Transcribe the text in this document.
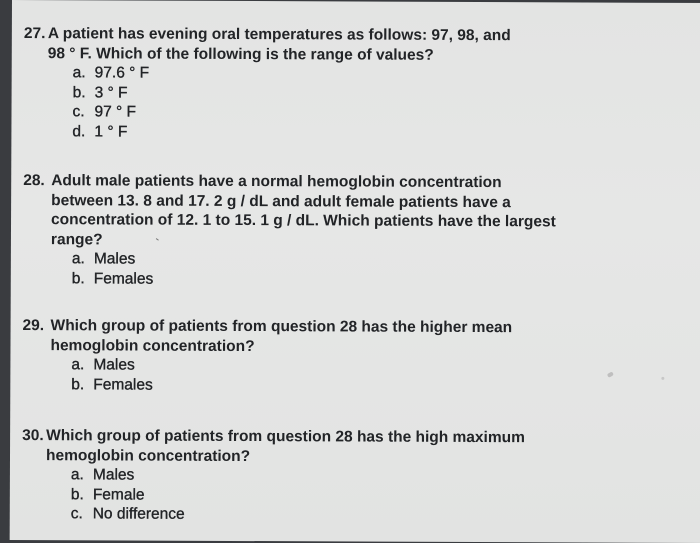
27. A patient has evening oral temperatures as follows: 97, 98, and
98 ° F. Which of the following is the range of values?
a. 97.6 ° F
b. 3 ° F
c. 97 ° F
d. 1 ° F
28. Adult male patients have a normal hemoglobin concentration
between 13. 8 and 17. 2 g / dL and adult female patients have a
concentration of 12. 1 to 15. 1 g / dL. Which patients have the largest
range?
a. Males
b. Females
29. Which group of patients from question 28 has the higher mean
hemoglobin concentration?
a. Males
b. Females
30. Which group of patients from question 28 has the high maximum
hemoglobin concentration?
a. Males
b. Female
c. No difference
